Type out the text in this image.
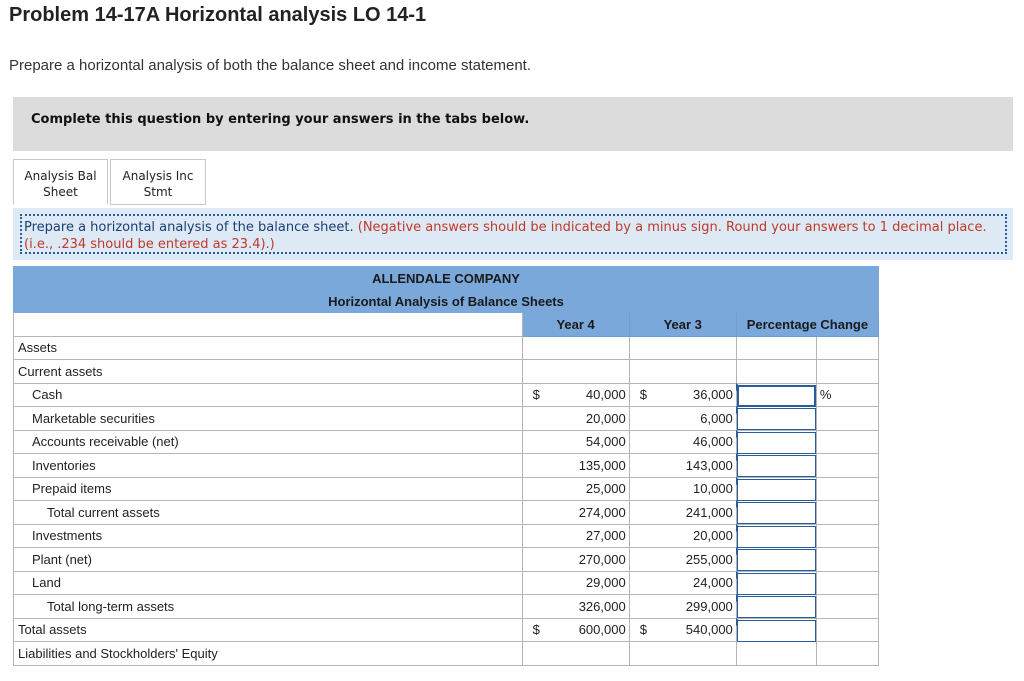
Problem 14-17A Horizontal analysis LO 14-1
Prepare a horizontal analysis of both the balance sheet and income statement.
Complete this question by entering your answers in the tabs below.
Analysis Bal
Sheet
Analysis Inc
Stmt
Prepare a horizontal analysis of the balance sheet. (Negative answers should be indicated by a minus sign. Round your answers to 1 decimal place. (i.e., .234 should be entered as 23.4).)
ALLENDALE COMPANY						
Horizontal Analysis of Balance Sheets						
	Year 4		Year 3		Percentage Change	
Assets						
Current assets						
Cash	$	40,000	$	36,000		%
Marketable securities		20,000		6,000	

Accounts receivable (net)		54,000		46,000	

Inventories		135,000		143,000	

Prepaid items		25,000		10,000	

Total current assets		274,000		241,000	

Investments		27,000		20,000	

Plant (net)		270,000		255,000	

Land		29,000		24,000	

Total long-term assets		326,000		299,000	

Total assets	$	600,000	$	540,000	

Liabilities and Stockholders' Equity						
